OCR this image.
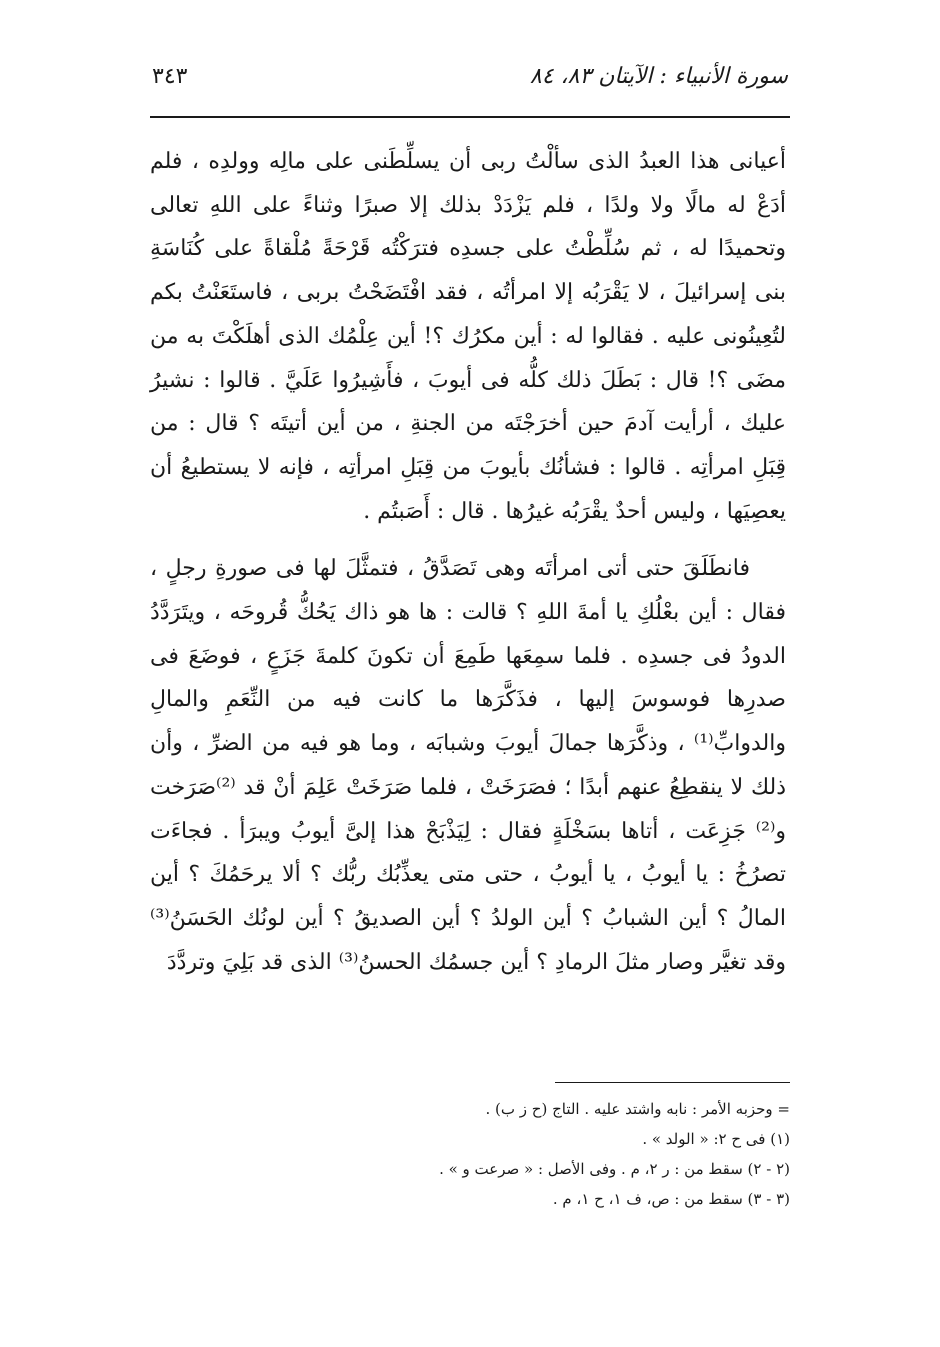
سورة الأنبياء : الآيتان ٨٣، ٨٤
٣٤٣

أعيانى هذا العبدُ الذى سألْتُ ربى أن يسلِّطَنى على مالِه وولدِه ، فلم أدَعْ له مالًا ولا ولدًا ، فلم يَزْدَدْ بذلك إلا صبرًا وثناءً على اللهِ تعالى وتحميدًا له ، ثم سُلِّطْتُ على جسدِه فترَكْتُه قَرْحَةً مُلْقاةً على كُنَاسَةِ بنى إسرائيلَ ، لا يَقْرَبُه إلا امرأتُه ، فقد افْتَضَحْتُ بربى ، فاستَعَنْتُ بكم لتُعِينُونى عليه . فقالوا له : أين مكرُك ؟! أين عِلْمُك الذى أهلَكْتَ به من مضَى ؟! قال : بَطَلَ ذلك كلُّه فى أيوبَ ، فأَشِيرُوا عَلَيَّ . قالوا : نشيرُ عليك ، أرأيت آدمَ حين أخرَجْتَه من الجنةِ ، من أين أتيتَه ؟ قال : من قِبَلِ امرأتِه . قالوا : فشأنُك بأيوبَ من قِبَلِ امرأتِه ، فإنه لا يستطيعُ أن يعصِيَها ، وليس أحدٌ يقْرَبُه غيرُها . قال : أَصَبتُم .

فانطَلَقَ حتى أتى امرأتَه وهى تَصَدَّقُ ، فتمثَّلَ لها فى صورةِ رجلٍ ، فقال : أين بعْلُكِ يا أمةَ اللهِ ؟ قالت : ها هو ذاك يَحُكُّ قُروحَه ، ويتَرَدَّدُ الدودُ فى جسدِه . فلما سمِعَها طَمِعَ أن تكونَ كلمةَ جَزَعٍ ، فوضَعَ فى صدرِها فوسوسَ إليها ، فذَكَّرَها ما كانت فيه من النِّعَمِ والمالِ والدوابِّ⁽¹⁾ ، وذكَّرَها جمالَ أيوبَ وشبابَه ، وما هو فيه من الضرِّ ، وأن ذلك لا ينقطِعُ عنهم أبدًا ؛ فصَرَخَتْ ، فلما صَرَخَتْ عَلِمَ أنْ قد ⁽²⁾صَرَخت و⁽²⁾ جَزِعَت ، أتاها بسَخْلَةٍ فقال : لِيَذْبَحْ هذا إلىَّ أيوبُ ويبرَأ . فجاءَت تصرُخُ : يا أيوبُ ، يا أيوبُ ، حتى متى يعذِّبُك ربُّك ؟ ألا يرحَمُكَ ؟ أين المالُ ؟ أين الشبابُ ؟ أين الولدُ ؟ أين الصديقُ ؟ أين لونُك الحَسَنُ⁽³⁾ وقد تغيَّر وصار مثلَ الرمادِ ؟ أين جسمُك الحسنُ⁽³⁾ الذى قد بَلِيَ وتردَّدَ

= وحزبه الأمر : نابه واشتد عليه . التاج (ح ز ب) .
(١) فى ح ٢: « الولد » .
(٢ - ٢) سقط من : ر ٢، م . وفى الأصل : « صرعت و » .
(٣ - ٣) سقط من : ص، ف ١، ح ١، م .
